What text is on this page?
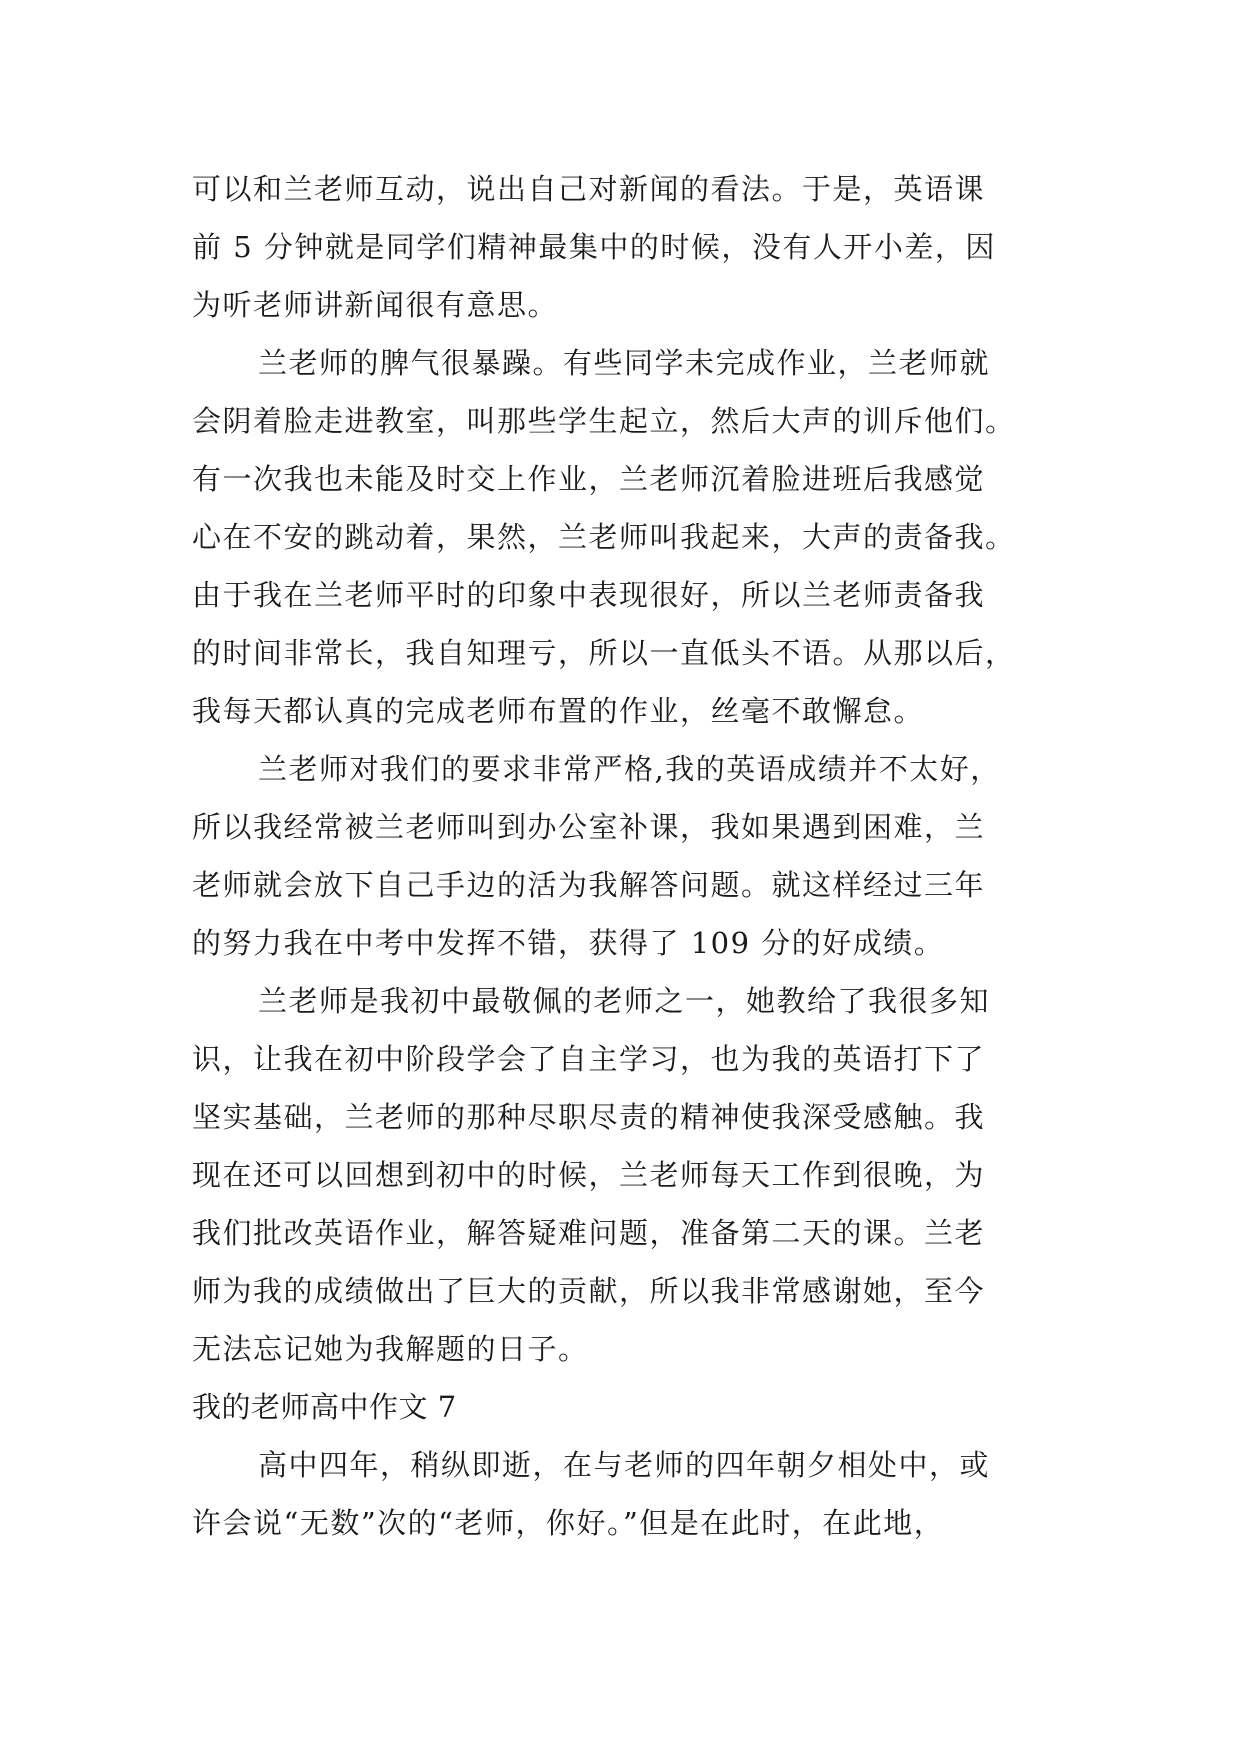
可以和兰老师互动，说出自己对新闻的看法。于是，英语课
前 5 分钟就是同学们精神最集中的时候，没有人开小差，因
为听老师讲新闻很有意思。
兰老师的脾气很暴躁。有些同学未完成作业，兰老师就
会阴着脸走进教室，叫那些学生起立，然后大声的训斥他们。
有一次我也未能及时交上作业，兰老师沉着脸进班后我感觉
心在不安的跳动着，果然，兰老师叫我起来，大声的责备我。
由于我在兰老师平时的印象中表现很好，所以兰老师责备我
的时间非常长，我自知理亏，所以一直低头不语。从那以后，
我每天都认真的完成老师布置的作业，丝毫不敢懈怠。
兰老师对我们的要求非常严格,我的英语成绩并不太好，
所以我经常被兰老师叫到办公室补课，我如果遇到困难，兰
老师就会放下自己手边的活为我解答问题。就这样经过三年
的努力我在中考中发挥不错，获得了 109 分的好成绩。
兰老师是我初中最敬佩的老师之一，她教给了我很多知
识，让我在初中阶段学会了自主学习，也为我的英语打下了
坚实基础，兰老师的那种尽职尽责的精神使我深受感触。我
现在还可以回想到初中的时候，兰老师每天工作到很晚，为
我们批改英语作业，解答疑难问题，准备第二天的课。兰老
师为我的成绩做出了巨大的贡献，所以我非常感谢她，至今
无法忘记她为我解题的日子。
我的老师高中作文 7
高中四年，稍纵即逝，在与老师的四年朝夕相处中，或
许会说“无数”次的“老师，你好。”但是在此时，在此地，
